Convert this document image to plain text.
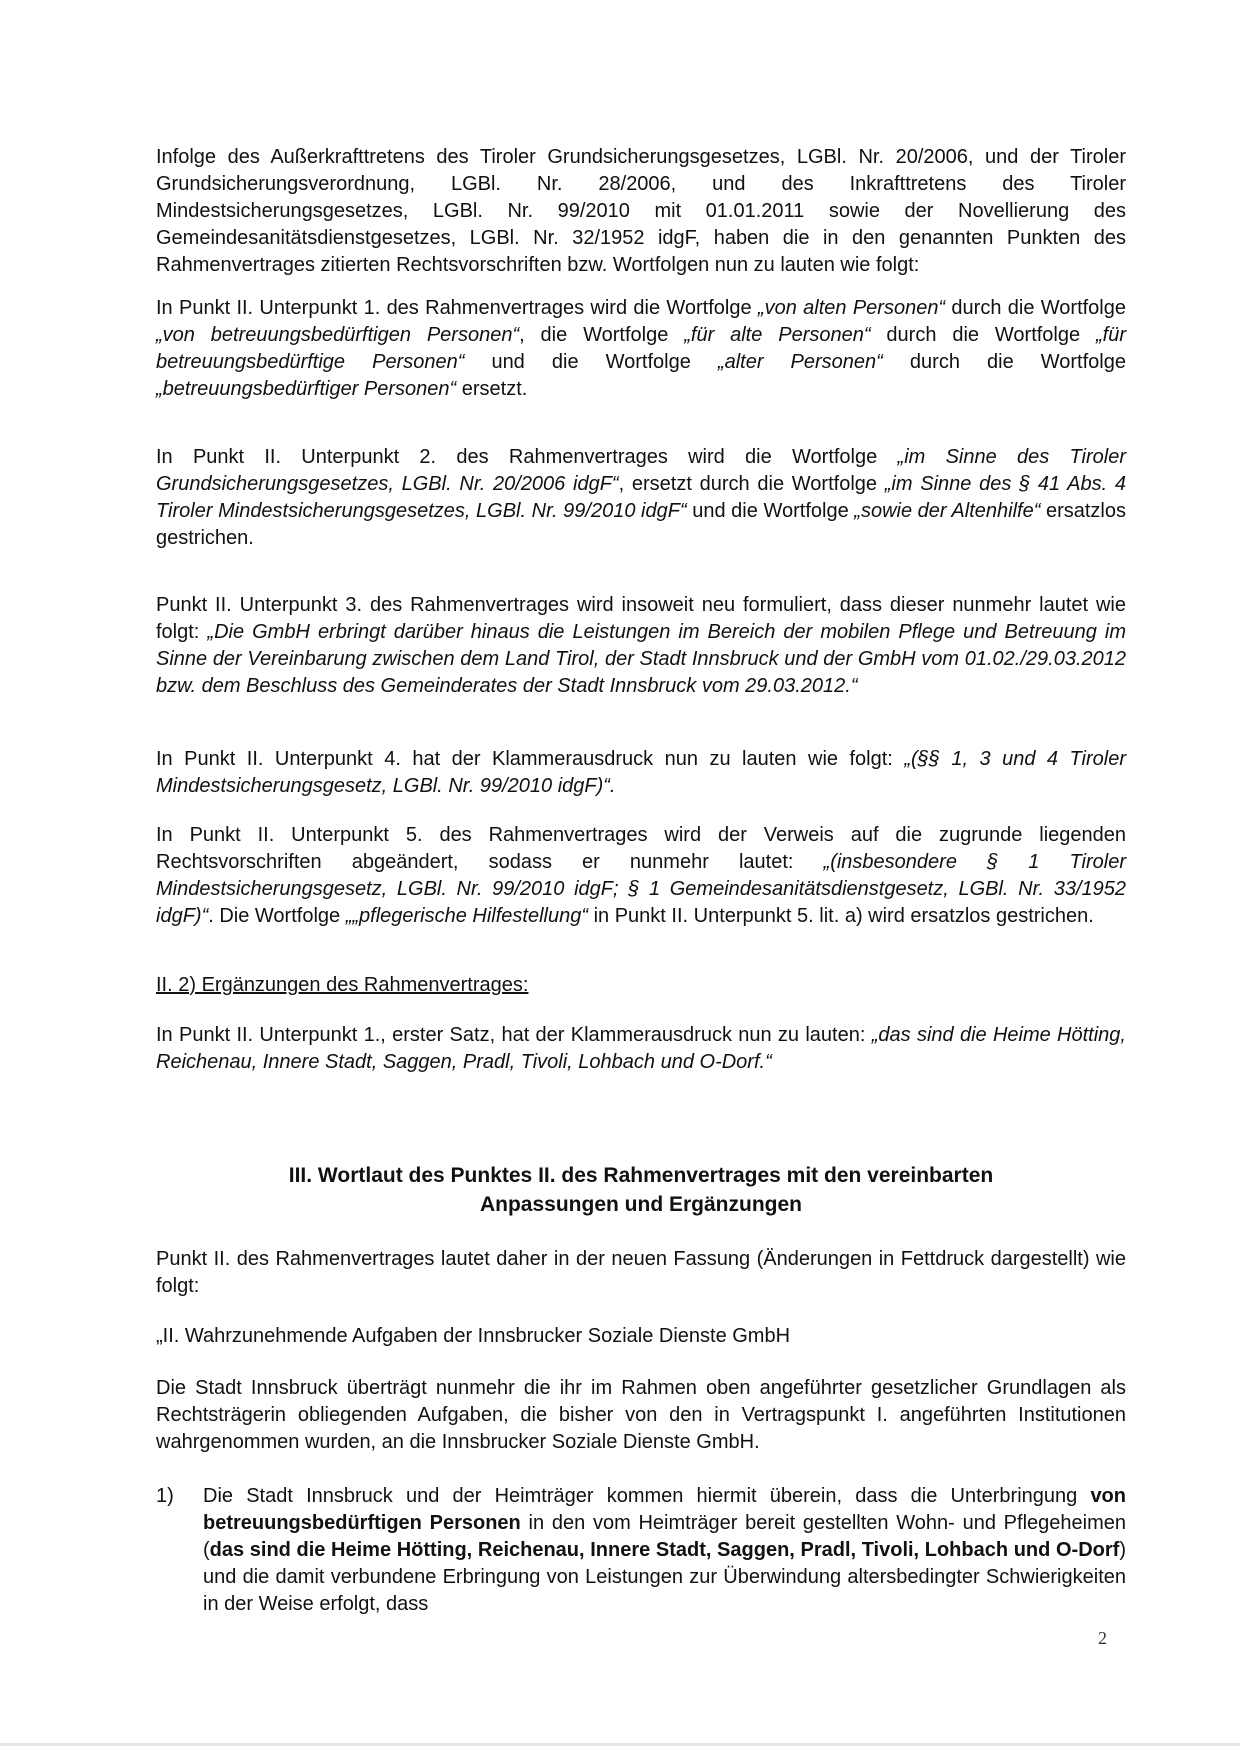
Infolge des Außerkrafttretens des Tiroler Grundsicherungsgesetzes, LGBl. Nr. 20/2006, und der Tiroler Grundsicherungsverordnung, LGBl. Nr. 28/2006, und des Inkrafttretens des Tiroler Mindestsicherungsgesetzes, LGBl. Nr. 99/2010 mit 01.01.2011 sowie der Novellierung des Gemeindesanitätsdienstgesetzes, LGBl. Nr. 32/1952 idgF, haben die in den genannten Punkten des Rahmenvertrages zitierten Rechtsvorschriften bzw. Wortfolgen nun zu lauten wie folgt:

In Punkt II. Unterpunkt 1. des Rahmenvertrages wird die Wortfolge „von alten Personen“ durch die Wortfolge „von betreuungsbedürftigen Personen“, die Wortfolge „für alte Personen“ durch die Wortfolge „für betreuungsbedürftige Personen“ und die Wortfolge „alter Personen“ durch die Wortfolge „betreuungsbedürftiger Personen“ ersetzt.

In Punkt II. Unterpunkt 2. des Rahmenvertrages wird die Wortfolge „im Sinne des Tiroler Grundsicherungsgesetzes, LGBl. Nr. 20/2006 idgF“, ersetzt durch die Wortfolge „im Sinne des § 41 Abs. 4 Tiroler Mindestsicherungsgesetzes, LGBl. Nr. 99/2010 idgF“ und die Wortfolge „sowie der Altenhilfe“ ersatzlos gestrichen.

Punkt II. Unterpunkt 3. des Rahmenvertrages wird insoweit neu formuliert, dass dieser nunmehr lautet wie folgt: „Die GmbH erbringt darüber hinaus die Leistungen im Bereich der mobilen Pflege und Betreuung im Sinne der Vereinbarung zwischen dem Land Tirol, der Stadt Innsbruck und der GmbH vom 01.02./29.03.2012 bzw. dem Beschluss des Gemeinderates der Stadt Innsbruck vom 29.03.2012.“

In Punkt II. Unterpunkt 4. hat der Klammerausdruck nun zu lauten wie folgt: „(§§ 1, 3 und 4 Tiroler Mindestsicherungsgesetz, LGBl. Nr. 99/2010 idgF)“.

In Punkt II. Unterpunkt 5. des Rahmenvertrages wird der Verweis auf die zugrunde liegenden Rechtsvorschriften abgeändert, sodass er nunmehr lautet: „(insbesondere § 1 Tiroler Mindestsicherungsgesetz, LGBl. Nr. 99/2010 idgF; § 1 Gemeindesanitätsdienstgesetz, LGBl. Nr. 33/1952 idgF)“. Die Wortfolge „„pflegerische Hilfestellung“ in Punkt II. Unterpunkt 5. lit. a) wird ersatzlos gestrichen.

II. 2) Ergänzungen des Rahmenvertrages:

In Punkt II. Unterpunkt 1., erster Satz, hat der Klammerausdruck nun zu lauten: „das sind die Heime Hötting, Reichenau, Innere Stadt, Saggen, Pradl, Tivoli, Lohbach und O-Dorf.“

III. Wortlaut des Punktes II. des Rahmenvertrages mit den vereinbarten
Anpassungen und Ergänzungen

Punkt II. des Rahmenvertrages lautet daher in der neuen Fassung (Änderungen in Fettdruck dargestellt) wie folgt:

„II. Wahrzunehmende Aufgaben der Innsbrucker Soziale Dienste GmbH

Die Stadt Innsbruck überträgt nunmehr die ihr im Rahmen oben angeführter gesetzlicher Grundlagen als Rechtsträgerin obliegenden Aufgaben, die bisher von den in Vertragspunkt I. angeführten Institutionen wahrgenommen wurden, an die Innsbrucker Soziale Dienste GmbH.

1) Die Stadt Innsbruck und der Heimträger kommen hiermit überein, dass die Unterbringung von betreuungsbedürftigen Personen in den vom Heimträger bereit gestellten Wohn- und Pflegeheimen (das sind die Heime Hötting, Reichenau, Innere Stadt, Saggen, Pradl, Tivoli, Lohbach und O-Dorf) und die damit verbundene Erbringung von Leistungen zur Überwindung altersbedingter Schwierigkeiten in der Weise erfolgt, dass
2
